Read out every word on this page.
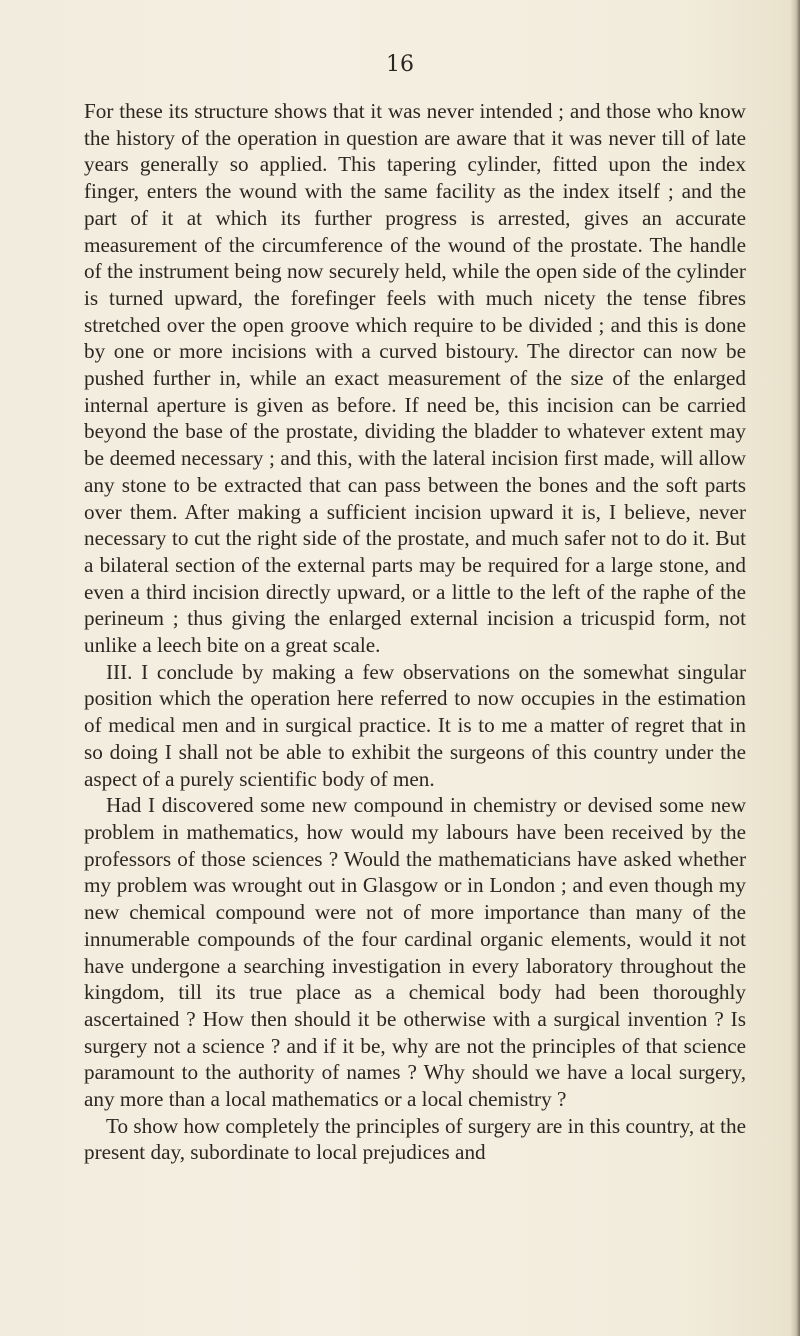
16

For these its structure shows that it was never intended ; and those who know the history of the operation in question are aware that it was never till of late years generally so applied. This tapering cylinder, fitted upon the index finger, enters the wound with the same facility as the index itself ; and the part of it at which its further progress is arrested, gives an accurate measurement of the circumference of the wound of the prostate. The handle of the instrument being now securely held, while the open side of the cylinder is turned upward, the forefinger feels with much nicety the tense fibres stretched over the open groove which require to be divided ; and this is done by one or more incisions with a curved bistoury. The director can now be pushed further in, while an exact measurement of the size of the enlarged internal aperture is given as before. If need be, this incision can be carried beyond the base of the prostate, dividing the bladder to whatever extent may be deemed necessary ; and this, with the lateral incision first made, will allow any stone to be extracted that can pass between the bones and the soft parts over them. After making a sufficient incision upward it is, I believe, never necessary to cut the right side of the prostate, and much safer not to do it. But a bilateral section of the external parts may be required for a large stone, and even a third incision directly upward, or a little to the left of the raphe of the perineum ; thus giving the enlarged external incision a tricuspid form, not unlike a leech bite on a great scale.

III. I conclude by making a few observations on the somewhat singular position which the operation here referred to now occupies in the estimation of medical men and in surgical practice. It is to me a matter of regret that in so doing I shall not be able to exhibit the surgeons of this country under the aspect of a purely scientific body of men.

Had I discovered some new compound in chemistry or devised some new problem in mathematics, how would my labours have been received by the professors of those sciences ? Would the mathematicians have asked whether my problem was wrought out in Glasgow or in London ; and even though my new chemical compound were not of more importance than many of the innumerable compounds of the four cardinal organic elements, would it not have undergone a searching investigation in every laboratory throughout the kingdom, till its true place as a chemical body had been thoroughly ascertained ? How then should it be otherwise with a surgical invention ? Is surgery not a science ? and if it be, why are not the principles of that science paramount to the authority of names ? Why should we have a local surgery, any more than a local mathematics or a local chemistry ?

To show how completely the principles of surgery are in this country, at the present day, subordinate to local prejudices and
